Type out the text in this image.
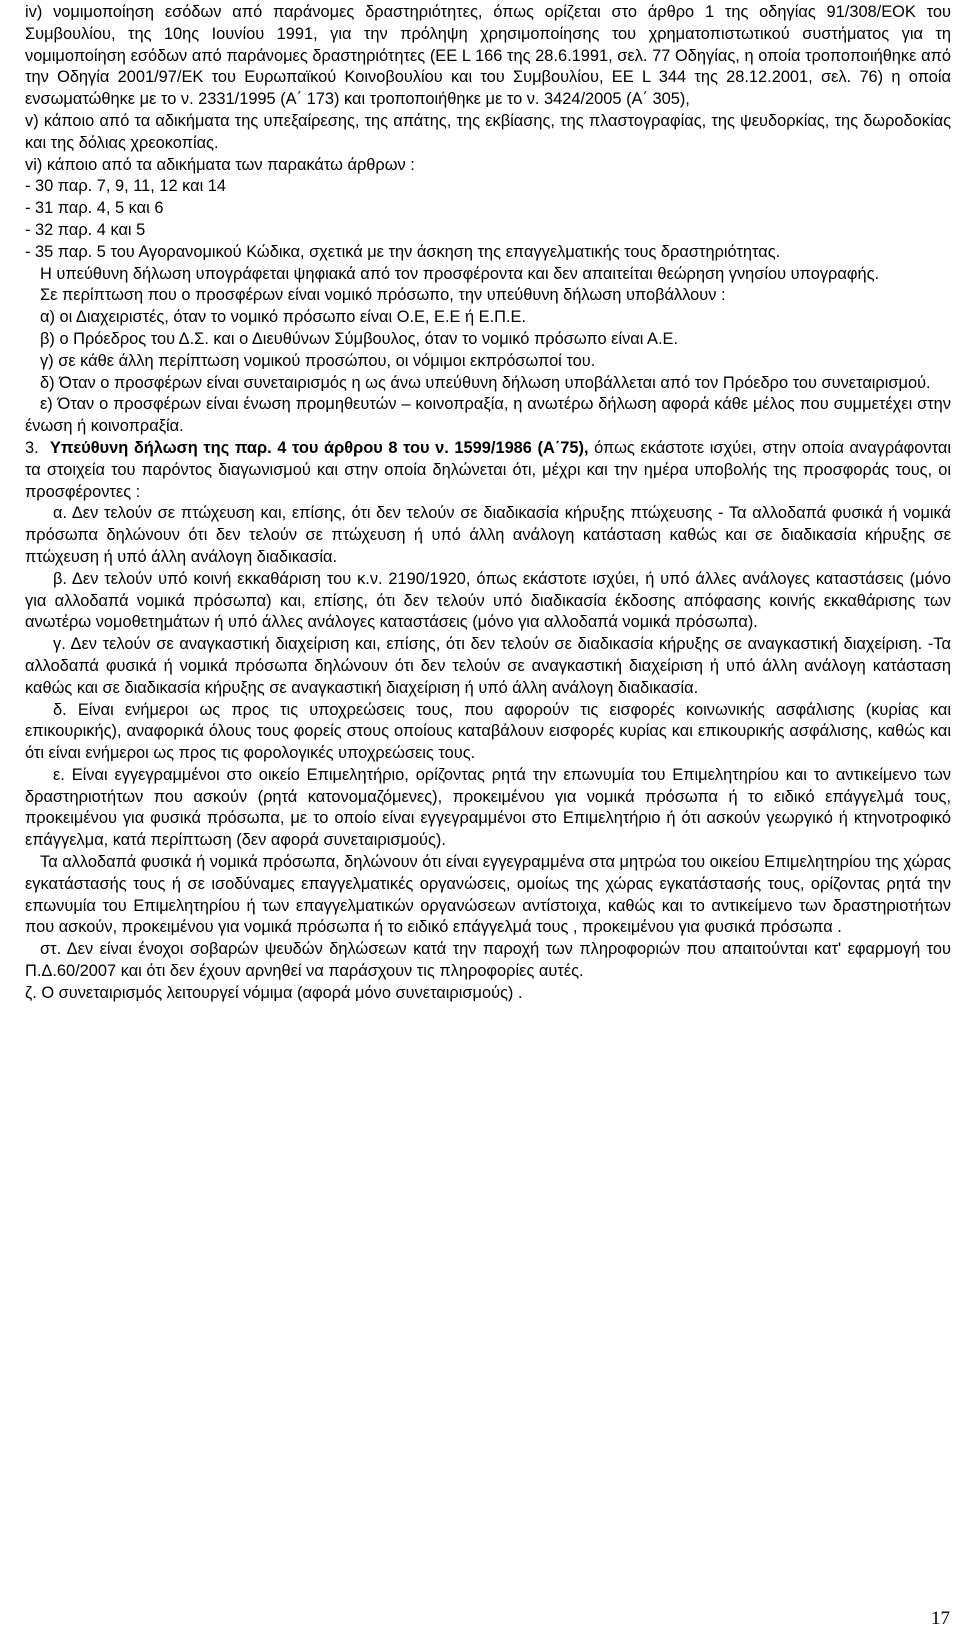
iv) νομιμοποίηση εσόδων από παράνομες δραστηριότητες, όπως ορίζεται στο άρθρο 1 της οδηγίας 91/308/ΕΟΚ του Συμβουλίου, της 10ης Ιουνίου 1991, για την πρόληψη χρησιμοποίησης του χρηματοπιστωτικού συστήματος για τη νομιμοποίηση εσόδων από παράνομες δραστηριότητες (ΕΕ L 166 της 28.6.1991, σελ. 77 Οδηγίας, η οποία τροποποιήθηκε από την Οδηγία 2001/97/ΕΚ του Ευρωπαϊκού Κοινοβουλίου και του Συμβουλίου, ΕΕ L 344 της 28.12.2001, σελ. 76) η οποία ενσωματώθηκε με το ν. 2331/1995 (Α΄ 173) και τροποποιήθηκε με το ν. 3424/2005 (Α΄ 305),

v) κάποιο από τα αδικήματα της υπεξαίρεσης, της απάτης, της εκβίασης, της πλαστογραφίας, της ψευδορκίας, της δωροδοκίας και της δόλιας χρεοκοπίας.

vi) κάποιο από τα αδικήματα των παρακάτω άρθρων :

- 30 παρ. 7, 9, 11, 12 και 14

- 31 παρ. 4, 5 και 6

- 32 παρ. 4 και 5

- 35 παρ. 5 του Αγορανομικού Κώδικα, σχετικά με την άσκηση της επαγγελματικής τους δραστηριότητας.

Η υπεύθυνη δήλωση υπογράφεται ψηφιακά από τον προσφέροντα και δεν απαιτείται θεώρηση γνησίου υπογραφής.

Σε περίπτωση που ο προσφέρων είναι νομικό πρόσωπο, την υπεύθυνη δήλωση υποβάλλουν :

α) οι Διαχειριστές, όταν το νομικό πρόσωπο είναι Ο.Ε, Ε.Ε ή Ε.Π.Ε.

β) ο Πρόεδρος του Δ.Σ. και ο Διευθύνων Σύμβουλος, όταν το νομικό πρόσωπο είναι Α.Ε.

γ) σε κάθε άλλη περίπτωση νομικού προσώπου, οι νόμιμοι εκπρόσωποί του.

δ) Όταν ο προσφέρων είναι συνεταιρισμός η ως άνω υπεύθυνη δήλωση υποβάλλεται από τον Πρόεδρο του συνεταιρισμού.

ε) Όταν ο προσφέρων είναι ένωση προμηθευτών – κοινοπραξία, η ανωτέρω δήλωση αφορά κάθε μέλος που συμμετέχει στην ένωση ή κοινοπραξία.

3. Υπεύθυνη δήλωση της παρ. 4 του άρθρου 8 του ν. 1599/1986 (Α΄75), όπως εκάστοτε ισχύει, στην οποία αναγράφονται τα στοιχεία του παρόντος διαγωνισμού και στην οποία δηλώνεται ότι, μέχρι και την ημέρα υποβολής της προσφοράς τους, οι προσφέροντες :

α. Δεν τελούν σε πτώχευση και, επίσης, ότι δεν τελούν σε διαδικασία κήρυξης πτώχευσης - Τα αλλοδαπά φυσικά ή νομικά πρόσωπα δηλώνουν ότι δεν τελούν σε πτώχευση ή υπό άλλη ανάλογη κατάσταση καθώς και σε διαδικασία κήρυξης σε πτώχευση ή υπό άλλη ανάλογη διαδικασία.

β. Δεν τελούν υπό κοινή εκκαθάριση του κ.ν. 2190/1920, όπως εκάστοτε ισχύει, ή υπό άλλες ανάλογες καταστάσεις (μόνο για αλλοδαπά νομικά πρόσωπα) και, επίσης, ότι δεν τελούν υπό διαδικασία έκδοσης απόφασης κοινής εκκαθάρισης των ανωτέρω νομοθετημάτων ή υπό άλλες ανάλογες καταστάσεις (μόνο για αλλοδαπά νομικά πρόσωπα).

γ. Δεν τελούν σε αναγκαστική διαχείριση και, επίσης, ότι δεν τελούν σε διαδικασία κήρυξης σε αναγκαστική διαχείριση. -Τα αλλοδαπά φυσικά ή νομικά πρόσωπα δηλώνουν ότι δεν τελούν σε αναγκαστική διαχείριση ή υπό άλλη ανάλογη κατάσταση καθώς και σε διαδικασία κήρυξης σε αναγκαστική διαχείριση ή υπό άλλη ανάλογη διαδικασία.

δ. Είναι ενήμεροι ως προς τις υποχρεώσεις τους, που αφορούν τις εισφορές κοινωνικής ασφάλισης (κυρίας και επικουρικής), αναφορικά όλους τους φορείς στους οποίους καταβάλουν εισφορές κυρίας και επικουρικής ασφάλισης, καθώς και ότι είναι ενήμεροι ως προς τις φορολογικές υποχρεώσεις τους.

ε. Είναι εγγεγραμμένοι στο οικείο Επιμελητήριο, ορίζοντας ρητά την επωνυμία του Επιμελητηρίου και το αντικείμενο των δραστηριοτήτων που ασκούν (ρητά κατονομαζόμενες), προκειμένου για νομικά πρόσωπα ή το ειδικό επάγγελμά τους, προκειμένου για φυσικά πρόσωπα, με το οποίο είναι εγγεγραμμένοι στο Επιμελητήριο ή ότι ασκούν γεωργικό ή κτηνοτροφικό επάγγελμα, κατά περίπτωση (δεν αφορά συνεταιρισμούς).

Τα αλλοδαπά φυσικά ή νομικά πρόσωπα, δηλώνουν ότι είναι εγγεγραμμένα στα μητρώα του οικείου Επιμελητηρίου της χώρας εγκατάστασής τους ή σε ισοδύναμες επαγγελματικές οργανώσεις, ομοίως της χώρας εγκατάστασής τους, ορίζοντας ρητά την επωνυμία του Επιμελητηρίου ή των επαγγελματικών οργανώσεων αντίστοιχα, καθώς και το αντικείμενο των δραστηριοτήτων που ασκούν, προκειμένου για νομικά πρόσωπα ή το ειδικό επάγγελμά τους , προκειμένου για φυσικά πρόσωπα .

στ. Δεν είναι ένοχοι σοβαρών ψευδών δηλώσεων κατά την παροχή των πληροφοριών που απαιτούνται κατ' εφαρμογή του Π.Δ.60/2007 και ότι δεν έχουν αρνηθεί να παράσχουν τις πληροφορίες αυτές.

ζ. Ο συνεταιρισμός λειτουργεί νόμιμα (αφορά μόνο συνεταιρισμούς) .

17
